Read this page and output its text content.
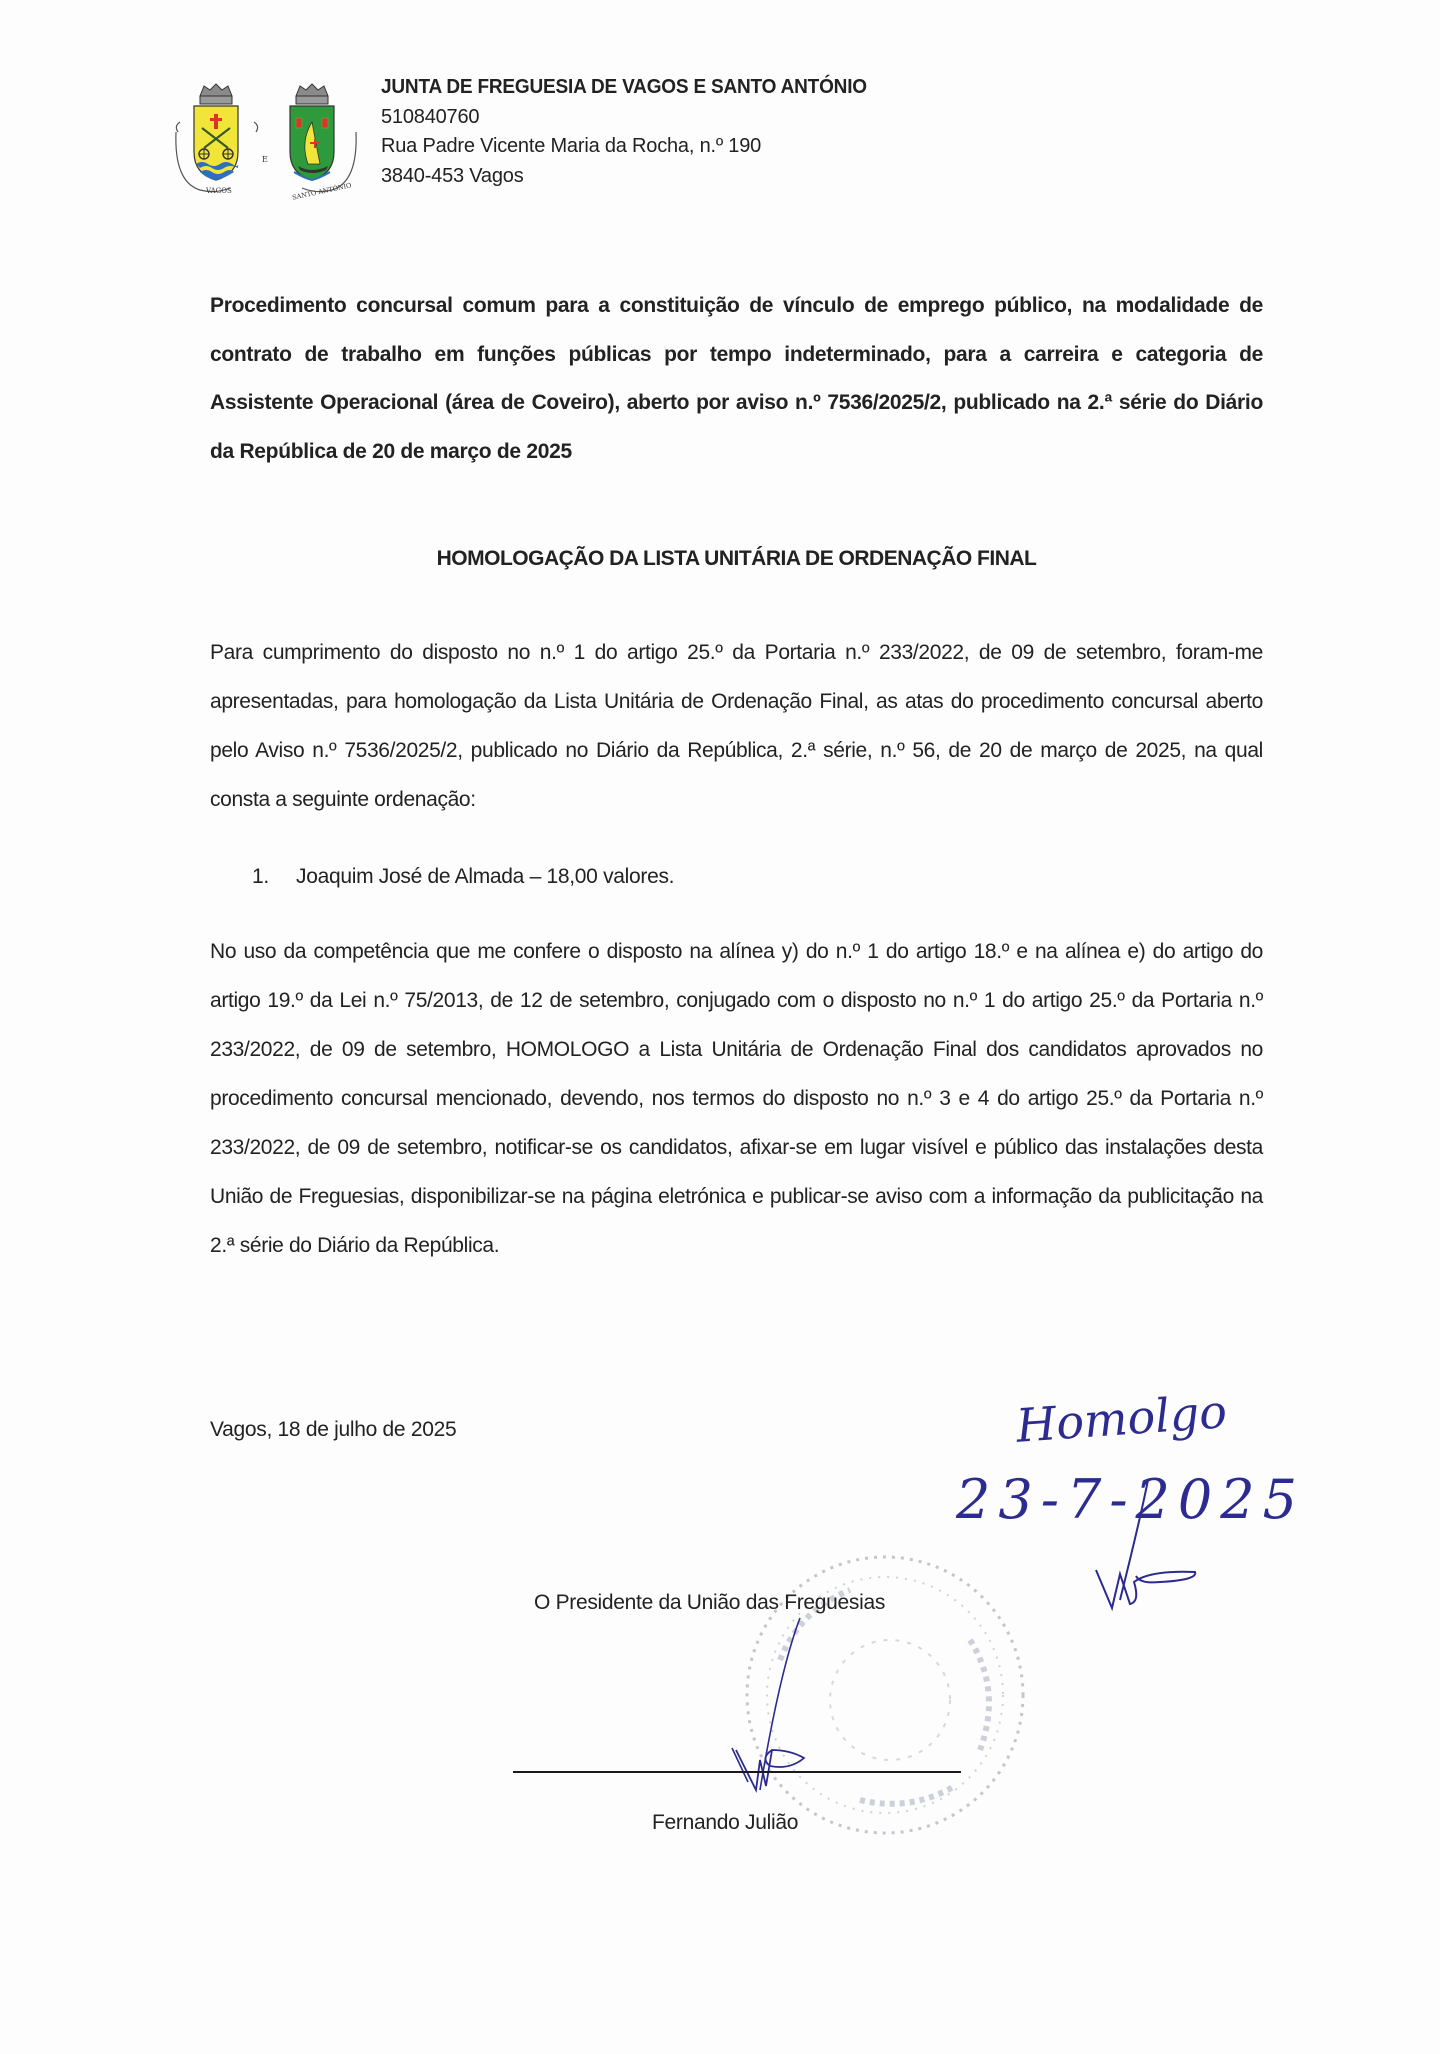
VAGOS
E
SANTO ANTÓNIO
JUNTA DE FREGUESIA DE VAGOS E SANTO ANTÓNIO
510840760
Rua Padre Vicente Maria da Rocha, n.º 190
3840-453 Vagos
Procedimento concursal comum para a constituição de vínculo de emprego público, na modalidade de contrato de trabalho em funções públicas por tempo indeterminado, para a carreira e categoria de Assistente Operacional (área de Coveiro), aberto por aviso n.º 7536/2025/2, publicado na 2.ª série do Diário da República de 20 de março de 2025
HOMOLOGAÇÃO DA LISTA UNITÁRIA DE ORDENAÇÃO FINAL
Para cumprimento do disposto no n.º 1 do artigo 25.º da Portaria n.º 233/2022, de 09 de setembro, foram-me apresentadas, para homologação da Lista Unitária de Ordenação Final, as atas do procedimento concursal aberto pelo Aviso n.º 7536/2025/2, publicado no Diário da República, 2.ª série, n.º 56, de 20 de março de 2025, na qual consta a seguinte ordenação:
1. Joaquim José de Almada – 18,00 valores.
No uso da competência que me confere o disposto na alínea y) do n.º 1 do artigo 18.º e na alínea e) do artigo do artigo 19.º da Lei n.º 75/2013, de 12 de setembro, conjugado com o disposto no n.º 1 do artigo 25.º da Portaria n.º 233/2022, de 09 de setembro, HOMOLOGO a Lista Unitária de Ordenação Final dos candidatos aprovados no procedimento concursal mencionado, devendo, nos termos do disposto no n.º 3 e 4 do artigo 25.º da Portaria n.º 233/2022, de 09 de setembro, notificar-se os candidatos, afixar-se em lugar visível e público das instalações desta União de Freguesias, disponibilizar-se na página eletrónica e publicar-se aviso com a informação da publicitação na 2.ª série do Diário da República.
Vagos, 18 de julho de 2025
O Presidente da União das Freguesias
Fernando Julião
Homolgo
23-7-2025
